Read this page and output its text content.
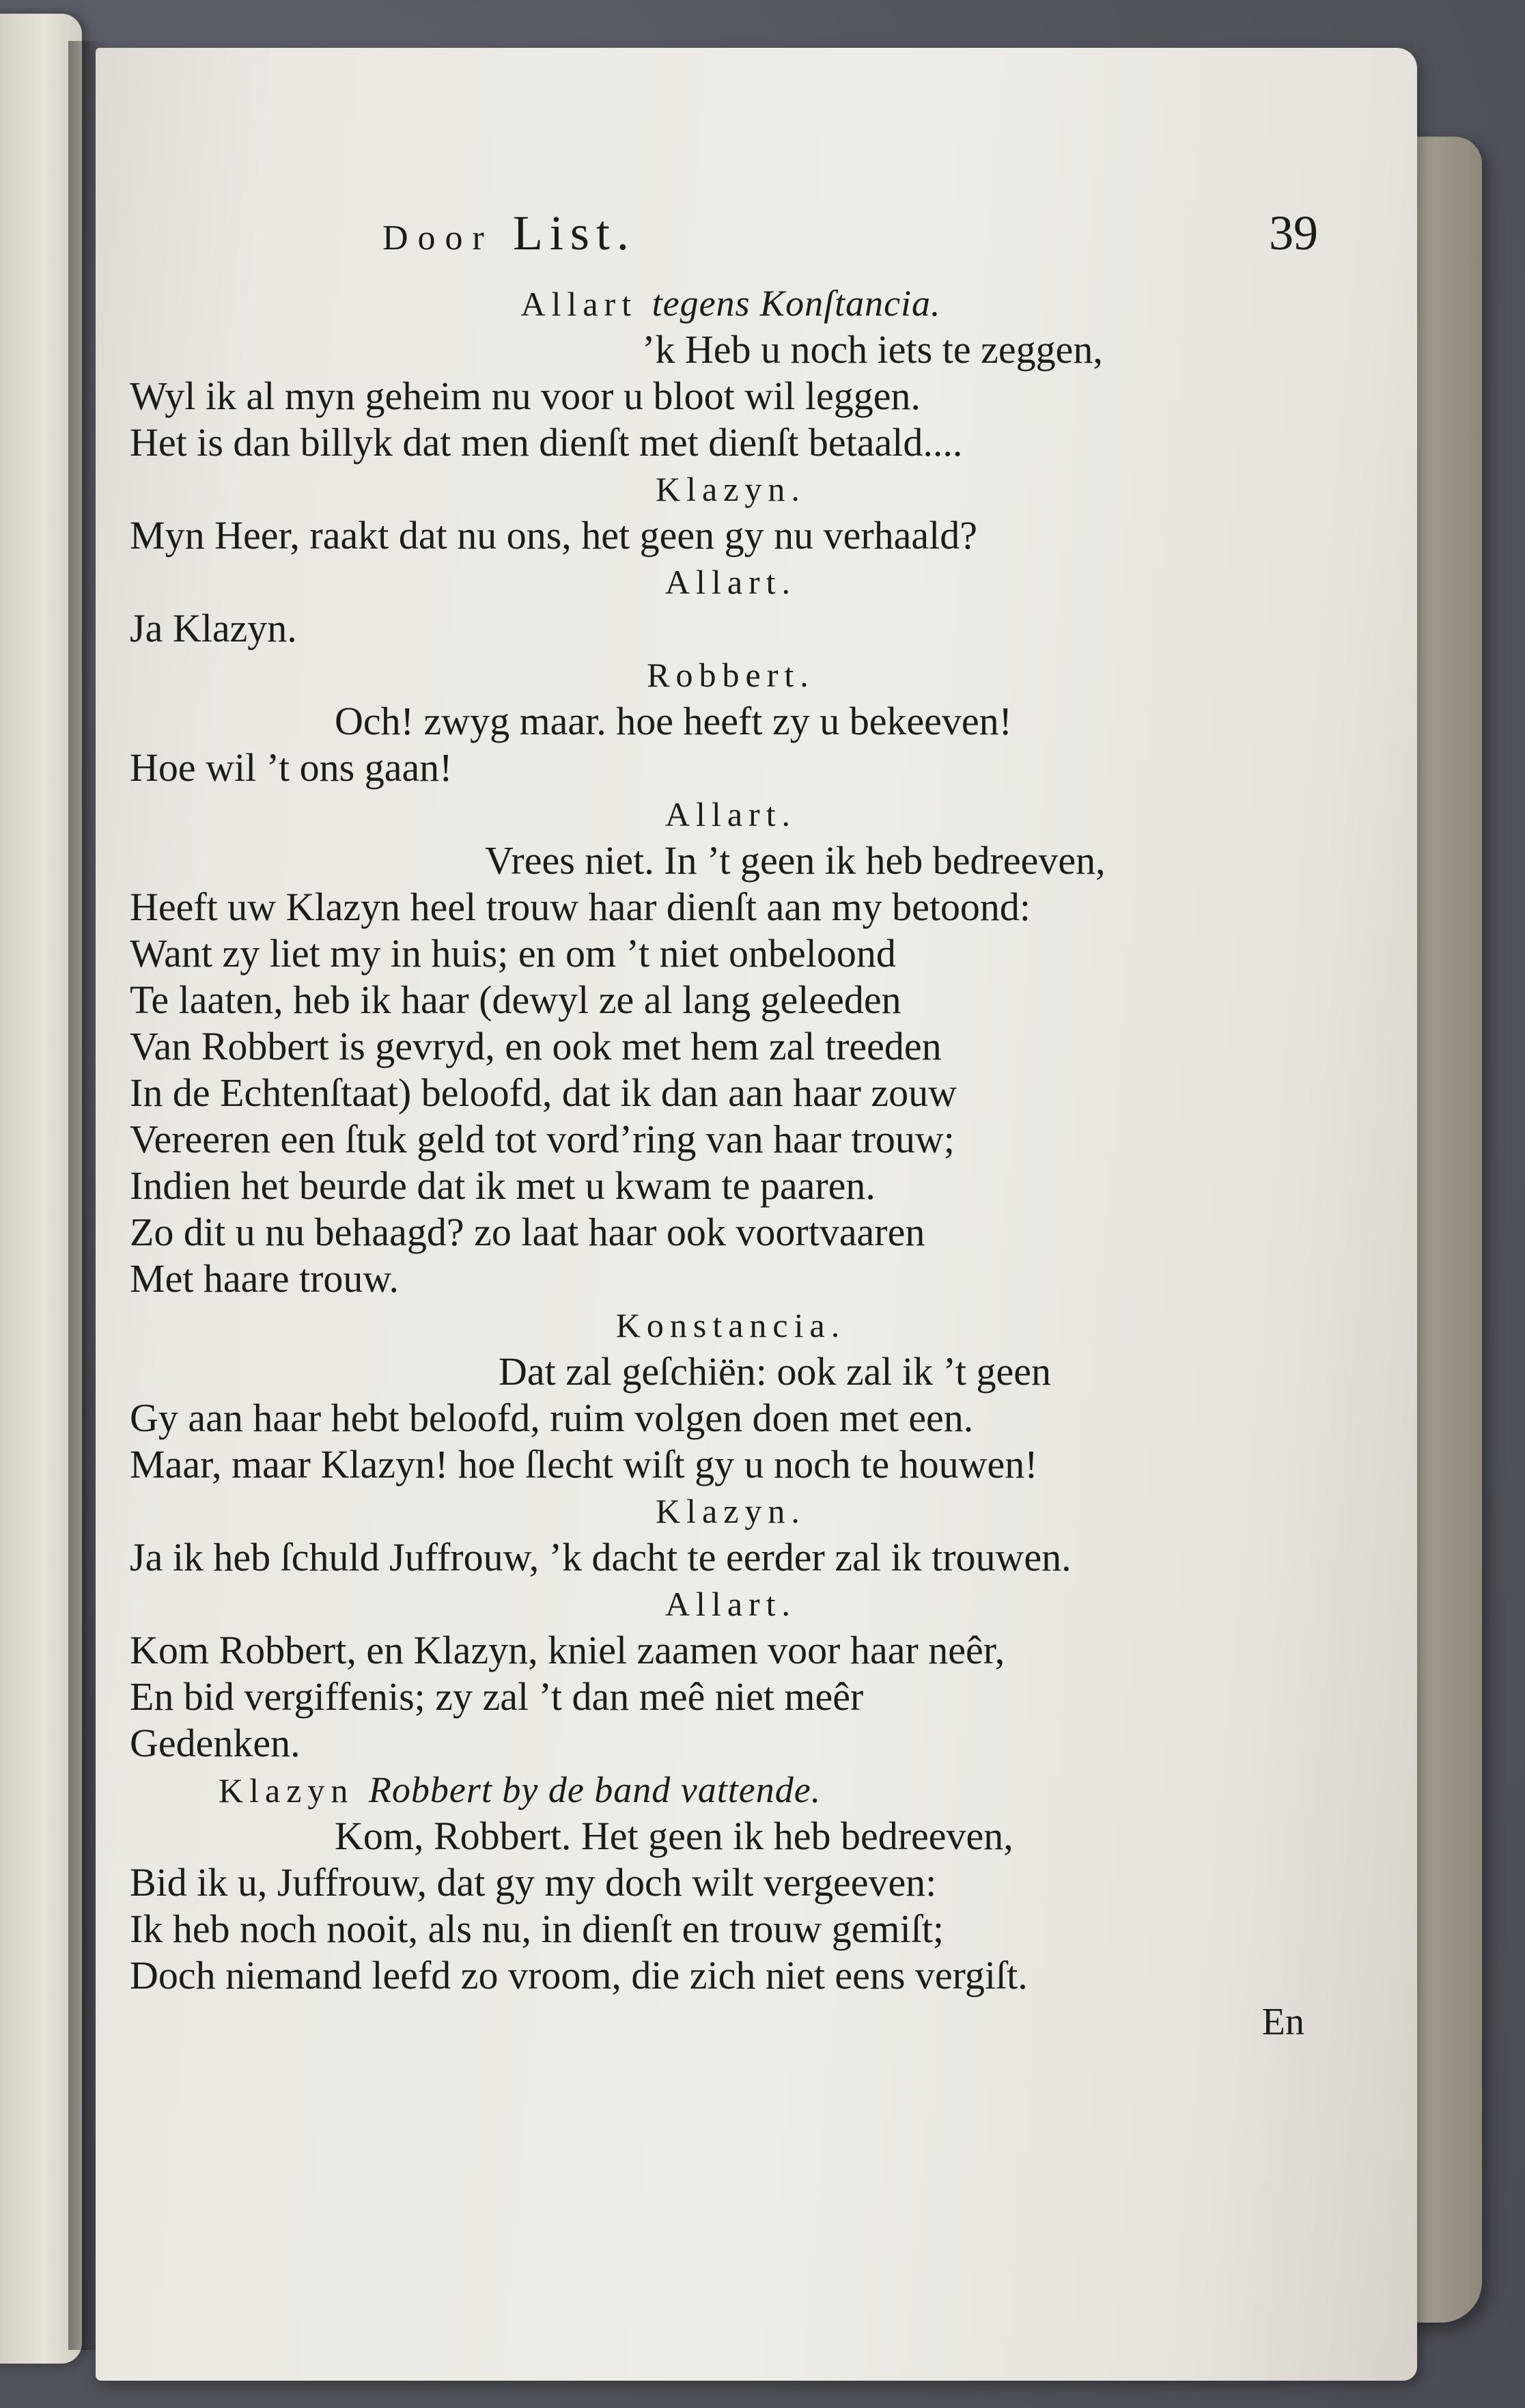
Door List.	39
Allart tegens Konſtancia.
’k Heb u noch iets te zeggen,
Wyl ik al myn geheim nu voor u bloot wil leggen.
Het is dan billyk dat men dienſt met dienſt betaald....
Klazyn.
Myn Heer, raakt dat nu ons, het geen gy nu verhaald?
Allart.
Ja Klazyn.
Robbert.
Och! zwyg maar. hoe heeft zy u bekeeven!
Hoe wil ’t ons gaan!
Allart.
Vrees niet. In ’t geen ik heb bedreeven,
Heeft uw Klazyn heel trouw haar dienſt aan my betoond:
Want zy liet my in huis; en om ’t niet onbeloond
Te laaten, heb ik haar (dewyl ze al lang geleeden
Van Robbert is gevryd, en ook met hem zal treeden
In de Echtenſtaat) beloofd, dat ik dan aan haar zouw
Vereeren een ſtuk geld tot vord’ring van haar trouw;
Indien het beurde dat ik met u kwam te paaren.
Zo dit u nu behaagd? zo laat haar ook voortvaaren
Met haare trouw.
Konstancia.
Dat zal geſchiën: ook zal ik ’t geen
Gy aan haar hebt beloofd, ruim volgen doen met een.
Maar, maar Klazyn! hoe ſlecht wiſt gy u noch te houwen!
Klazyn.
Ja ik heb ſchuld Juffrouw, ’k dacht te eerder zal ik trouwen.
Allart.
Kom Robbert, en Klazyn, kniel zaamen voor haar neêr,
En bid vergiffenis; zy zal ’t dan meê niet meêr
Gedenken.
Klazyn Robbert by de band vattende.
Kom, Robbert. Het geen ik heb bedreeven,
Bid ik u, Juffrouw, dat gy my doch wilt vergeeven:
Ik heb noch nooit, als nu, in dienſt en trouw gemiſt;
Doch niemand leefd zo vroom, die zich niet eens vergiſt.
En
